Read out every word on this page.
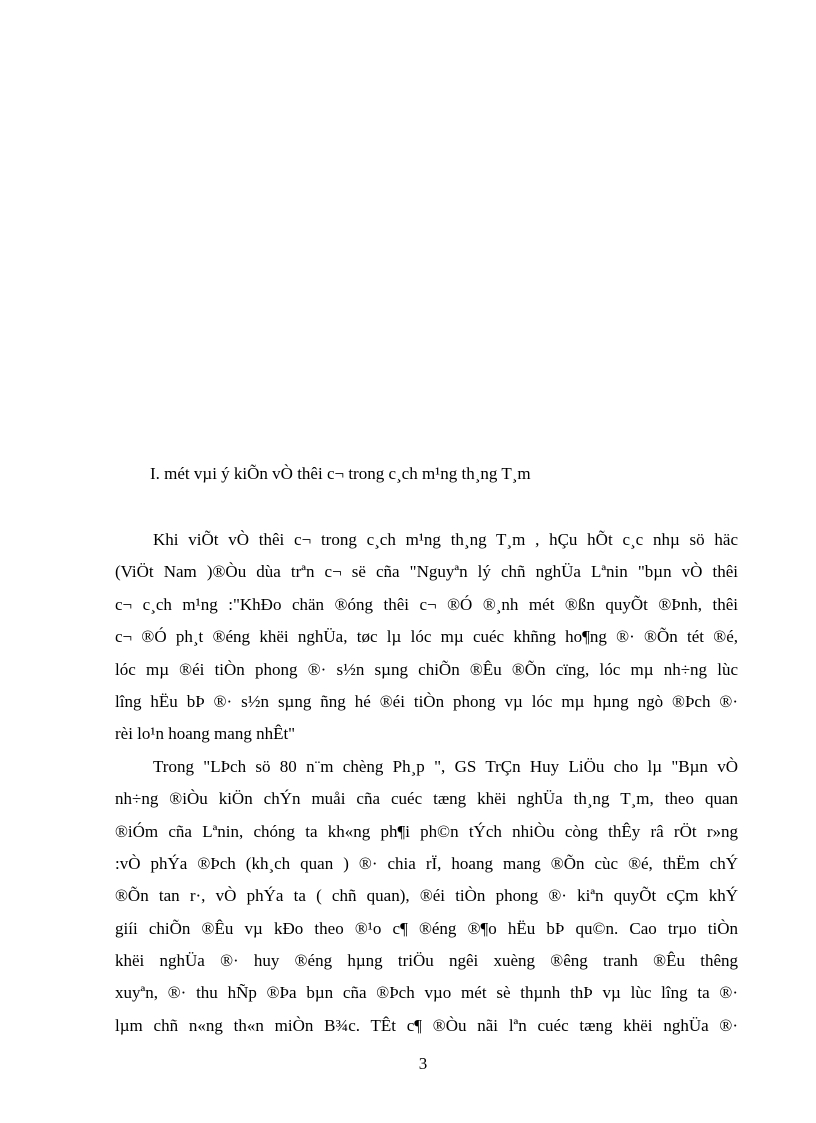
I. mét vµi ý kiÕn vÒ thêi c¬ trong c¸ch m¹ng th¸ng T¸m

Khi viÕt vÒ thêi c¬ trong c¸ch m¹ng th¸ng T¸m , hÇu hÕt c¸c nhµ sö häc
(ViÖt Nam )®Òu dùa trªn c¬ së cña "Nguyªn lý chñ nghÜa Lªnin "bµn vÒ thêi
c¬ c¸ch m¹ng :"KhÐo chän ®óng thêi c¬ ®Ó ®¸nh mét ®ßn quyÕt ®Þnh, thêi
c¬ ®Ó ph¸t ®éng khëi nghÜa, tøc lµ lóc mµ cuéc khñng ho¶ng ®· ®Õn tét ®é,
lóc mµ ®éi tiÒn phong ®· s½n sµng chiÕn ®Êu ®Õn cïng, lóc mµ nh÷ng lùc
lîng hËu bÞ ®· s½n sµng ñng hé ®éi tiÒn phong vµ lóc mµ hµng ngò ®Þch ®·
rèi lo¹n hoang mang nhÊt"

Trong "LÞch sö 80 n¨m chèng Ph¸p ", GS TrÇn Huy LiÖu cho lµ "Bµn vÒ
nh÷ng ®iÒu kiÖn chÝn muåi cña cuéc tæng khëi nghÜa th¸ng T¸m, theo quan
®iÓm cña Lªnin, chóng ta kh«ng ph¶i ph©n tÝch nhiÒu còng thÊy râ rÖt r»ng
:vÒ phÝa ®Þch (kh¸ch quan ) ®· chia rÏ, hoang mang ®Õn cùc ®é, thËm chÝ
®Õn tan r·, vÒ phÝa ta ( chñ quan), ®éi tiÒn phong ®· kiªn quyÕt cÇm khÝ
giíi chiÕn ®Êu vµ kÐo theo ®¹o c¶ ®éng ®¶o hËu bÞ qu©n. Cao trµo tiÒn
khëi nghÜa ®· huy ®éng hµng triÖu ngêi xuèng ®êng tranh ®Êu thêng
xuyªn, ®· thu hÑp ®Þa bµn cña ®Þch vµo mét sè thµnh thÞ vµ lùc lîng ta ®·
lµm chñ n«ng th«n miÒn B¾c. TÊt c¶ ®Òu nãi lªn cuéc tæng khëi nghÜa ®·

3
